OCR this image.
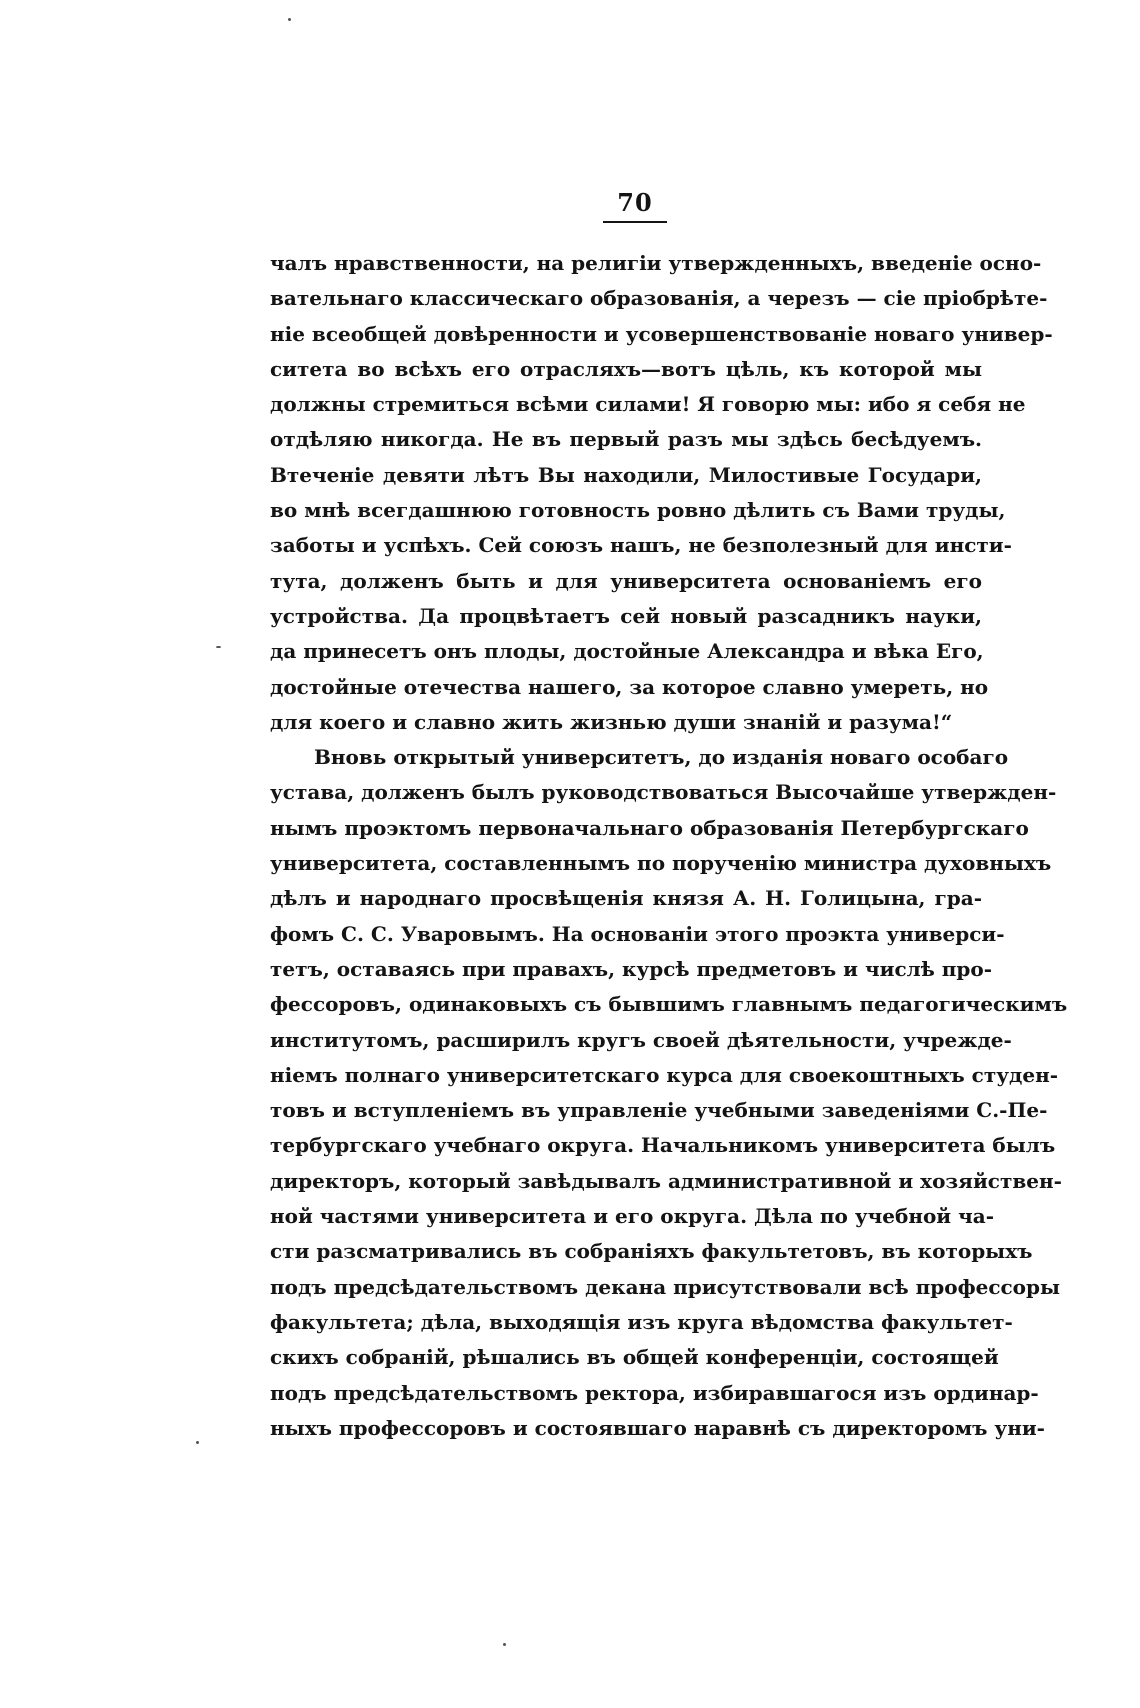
70
чалъ нравственности, на религіи утвержденныхъ, введеніе осно-
вательнаго классическаго образованія, а черезъ — сіе пріобрѣте-
ніе всеобщей довѣренности и усовершенствованіе новаго универ-
ситета во всѣхъ его отрасляхъ—вотъ цѣль, къ которой мы
должны стремиться всѣми силами! Я говорю мы: ибо я себя не
отдѣляю никогда. Не въ первый разъ мы здѣсь бесѣдуемъ.
Втеченіе девяти лѣтъ Вы находили, Милостивые Государи,
во мнѣ всегдашнюю готовность ровно дѣлить съ Вами труды,
заботы и успѣхъ. Сей союзъ нашъ, не безполезный для инсти-
тута, долженъ быть и для университета основаніемъ его
устройства. Да процвѣтаетъ сей новый разсадникъ науки,
да принесетъ онъ плоды, достойные Александра и вѣка Его,
достойные отечества нашего, за которое славно умереть, но
для коего и славно жить жизнью души знаній и разума!“
Вновь открытый университетъ, до изданія новаго особаго
устава, долженъ былъ руководствоваться Высочайше утвержден-
нымъ проэктомъ первоначальнаго образованія Петербургскаго
университета, составленнымъ по порученію министра духовныхъ
дѣлъ и народнаго просвѣщенія князя А. Н. Голицына, гра-
фомъ С. С. Уваровымъ. На основаніи этого проэкта универси-
тетъ, оставаясь при правахъ, курсѣ предметовъ и числѣ про-
фессоровъ, одинаковыхъ съ бывшимъ главнымъ педагогическимъ
институтомъ, расширилъ кругъ своей дѣятельности, учрежде-
ніемъ полнаго университетскаго курса для своекоштныхъ студен-
товъ и вступленіемъ въ управленіе учебными заведеніями С.-Пе-
тербургскаго учебнаго округа. Начальникомъ университета былъ
директоръ, который завѣдывалъ административной и хозяйствен-
ной частями университета и его округа. Дѣла по учебной ча-
сти разсматривались въ собраніяхъ факультетовъ, въ которыхъ
подъ предсѣдательствомъ декана присутствовали всѣ профессоры
факультета; дѣла, выходящія изъ круга вѣдомства факультет-
скихъ собраній, рѣшались въ общей конференціи, состоящей
подъ предсѣдательствомъ ректора, избиравшагося изъ ординар-
ныхъ профессоровъ и состоявшаго наравнѣ съ директоромъ уни-
